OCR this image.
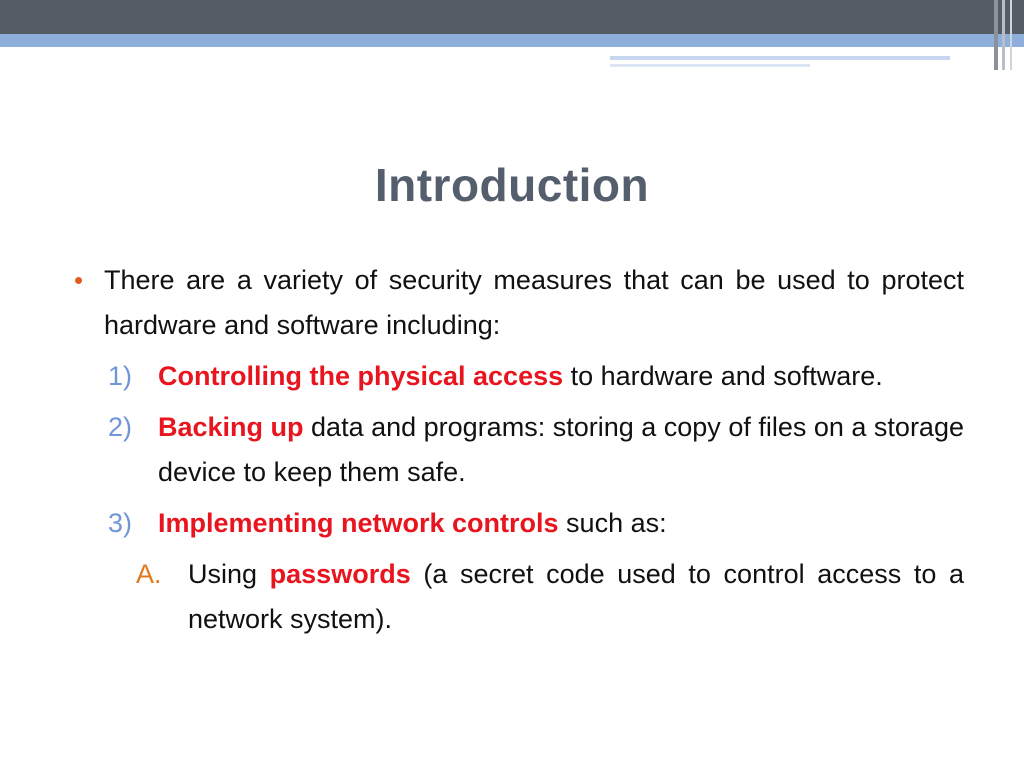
Introduction
• There are a variety of security measures that can be used to protect hardware and software including:
1) Controlling the physical access to hardware and software.
2) Backing up data and programs: storing a copy of files on a storage device to keep them safe.
3) Implementing network controls such as:
A. Using passwords (a secret code used to control access to a network system).
